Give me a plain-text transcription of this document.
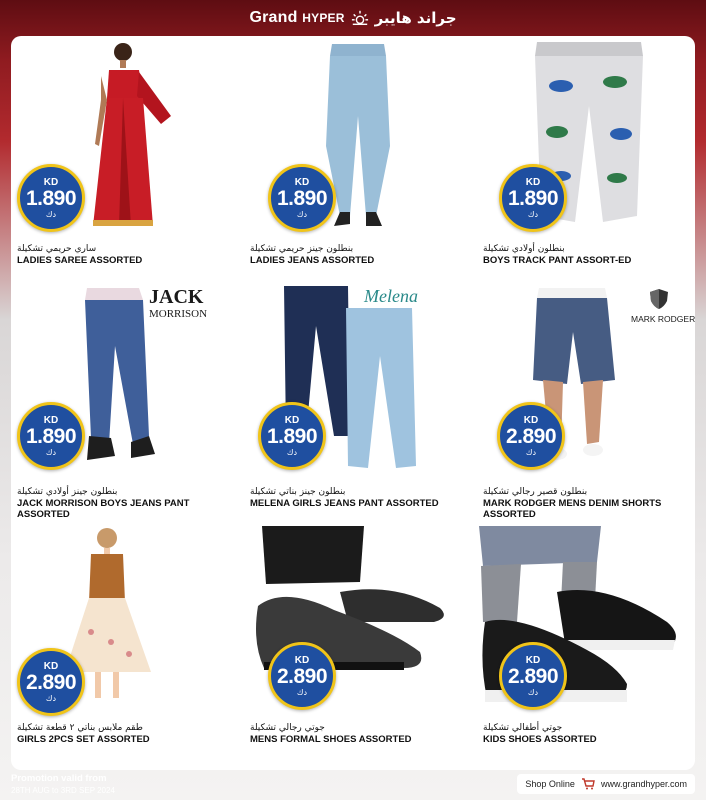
Grand HYPER جراند هايبر
KD
1.890
دك
ساري حريمي تشكيلة
LADIES SAREE ASSORTED
KD
1.890
دك
بنطلون جينز حريمي تشكيلة
LADIES JEANS ASSORTED
KD
1.890
دك
بنطلون أولادي تشكيلة
BOYS TRACK PANT ASSORT-ED
JACK
MORRISON
KD
1.890
دك
بنطلون جينز أولادي تشكيلة
JACK MORRISON BOYS JEANS PANT ASSORTED
Melena
KD
1.890
دك
بنطلون جينز بناتي تشكيلة
MELENA GIRLS JEANS PANT ASSORTED
MARK RODGER
KD
2.890
دك
بنطلون قصير رجالي تشكيلة
MARK RODGER MENS DENIM SHORTS ASSORTED
KD
2.890
دك
طقم ملابس بناتي ٢ قطعة تشكيلة
GIRLS 2PCS SET ASSORTED
KD
2.890
دك
جوتي رجالي تشكيلة
MENS FORMAL SHOES ASSORTED
KD
2.890
دك
جوتي أطفالي تشكيلة
KIDS SHOES ASSORTED
Promotion valid from
28TH AUG to 3RD SEP 2024
Shop Online	www.grandhyper.com
